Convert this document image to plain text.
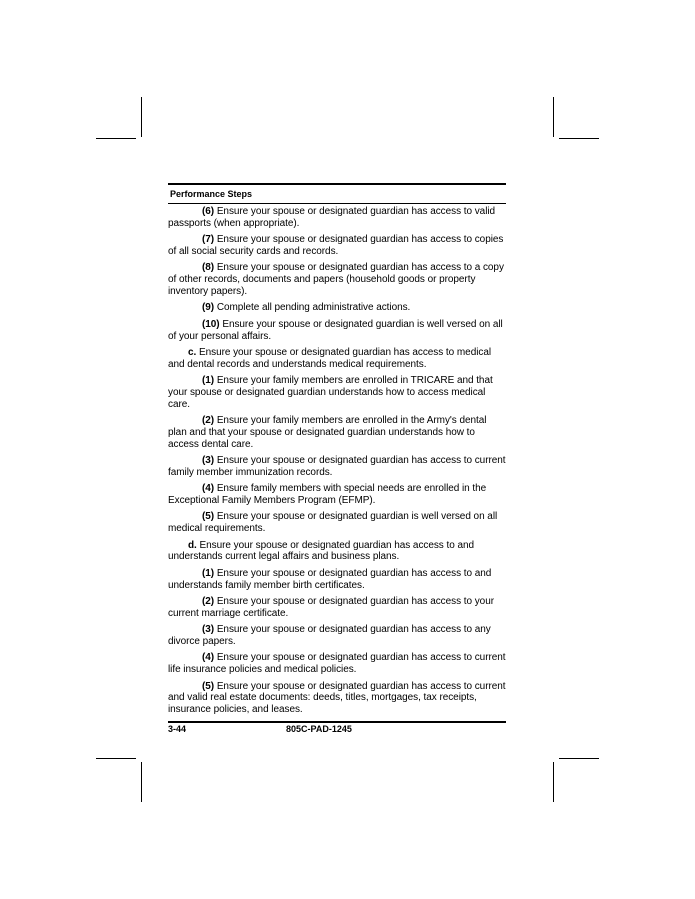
Performance Steps
(6) Ensure your spouse or designated guardian has access to valid passports (when appropriate).
(7) Ensure your spouse or designated guardian has access to copies of all social security cards and records.
(8) Ensure your spouse or designated guardian has access to a copy of other records, documents and papers (household goods or property inventory papers).
(9) Complete all pending administrative actions.
(10) Ensure your spouse or designated guardian is well versed on all of your personal affairs.
c. Ensure your spouse or designated guardian has access to medical and dental records and understands medical requirements.
(1) Ensure your family members are enrolled in TRICARE and that your spouse or designated guardian understands how to access medical care.
(2) Ensure your family members are enrolled in the Army's dental plan and that your spouse or designated guardian understands how to access dental care.
(3) Ensure your spouse or designated guardian has access to current family member immunization records.
(4) Ensure family members with special needs are enrolled in the Exceptional Family Members Program (EFMP).
(5) Ensure your spouse or designated guardian is well versed on all medical requirements.
d. Ensure your spouse or designated guardian has access to and understands current legal affairs and business plans.
(1) Ensure your spouse or designated guardian has access to and understands family member birth certificates.
(2) Ensure your spouse or designated guardian has access to your current marriage certificate.
(3) Ensure your spouse or designated guardian has access to any divorce papers.
(4) Ensure your spouse or designated guardian has access to current life insurance policies and medical policies.
(5) Ensure your spouse or designated guardian has access to current and valid real estate documents: deeds, titles, mortgages, tax receipts, insurance policies, and leases.
3-44	805C-PAD-1245
